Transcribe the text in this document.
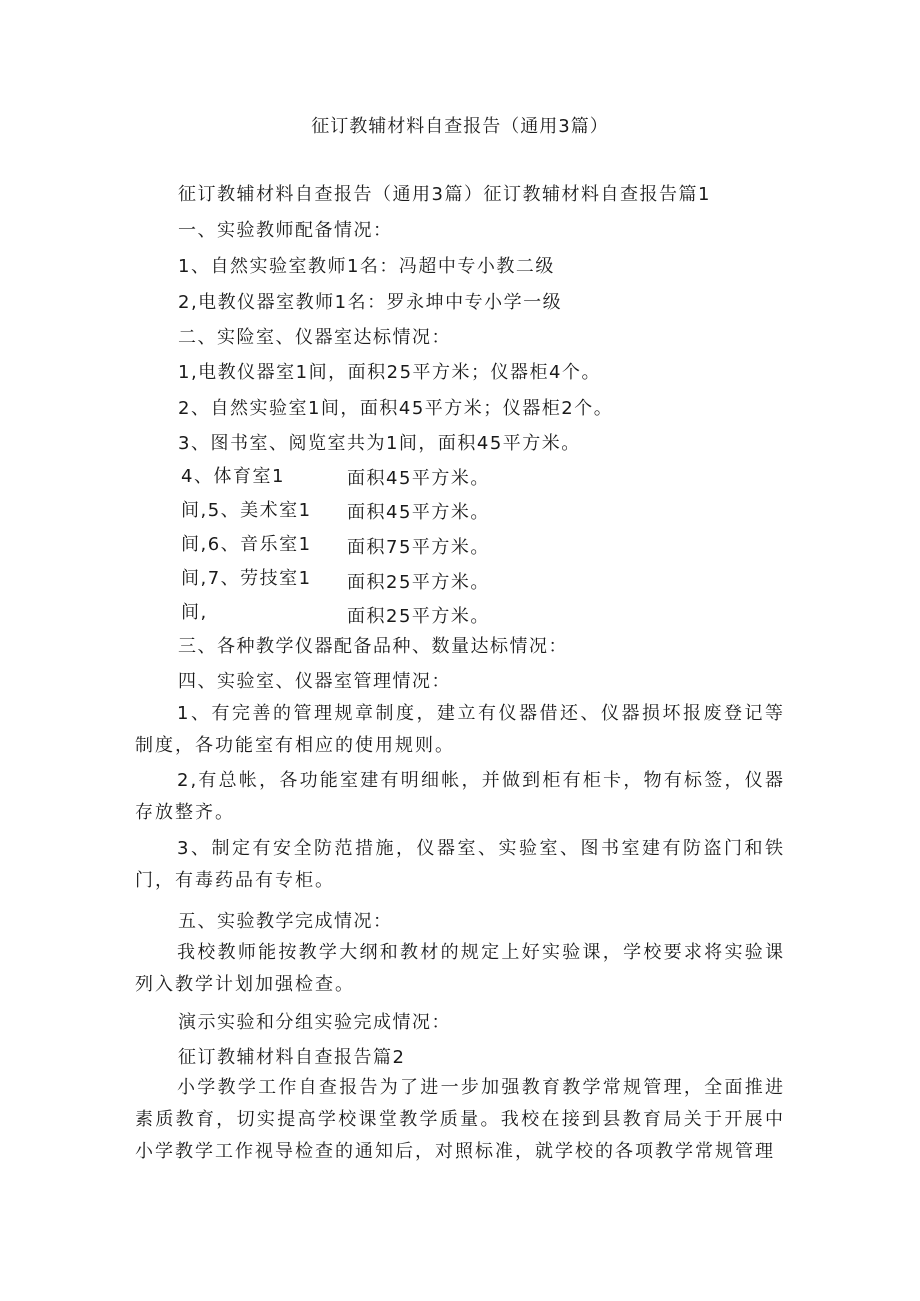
征订教辅材料自查报告（通用3篇）
征订教辅材料自查报告（通用3篇）征订教辅材料自查报告篇1
一、实验教师配备情况：
1、自然实验室教师1名：冯超中专小教二级
2,电教仪器室教师1名：罗永坤中专小学一级
二、实险室、仪器室达标情况：
1,电教仪器室1间，面积25平方米；仪器柜4个。
2、自然实验室1间，面积45平方米；仪器柜2个。
3、图书室、阅览室共为1间，面积45平方米。
4、体育室1
间,5、美术室1
间,6、音乐室1
间,7、劳技室1
间,
面积45平方米。
面积45平方米。
面积75平方米。
面积25平方米。
面积25平方米。
三、各种教学仪器配备品种、数量达标情况：
四、实验室、仪器室管理情况：
1、有完善的管理规章制度，建立有仪器借还、仪器损坏报废登记等制度，各功能室有相应的使用规则。
2,有总帐，各功能室建有明细帐，并做到柜有柜卡，物有标签，仪器存放整齐。
3、制定有安全防范措施，仪器室、实验室、图书室建有防盗门和铁门，有毒药品有专柜。
五、实验教学完成情况：
我校教师能按教学大纲和教材的规定上好实验课，学校要求将实验课列入教学计划加强检查。
演示实验和分组实验完成情况：
征订教辅材料自查报告篇2
小学教学工作自查报告为了进一步加强教育教学常规管理，全面推进素质教育，切实提高学校课堂教学质量。我校在接到县教育局关于开展中小学教学工作视导检查的通知后，对照标准，就学校的各项教学常规管理
